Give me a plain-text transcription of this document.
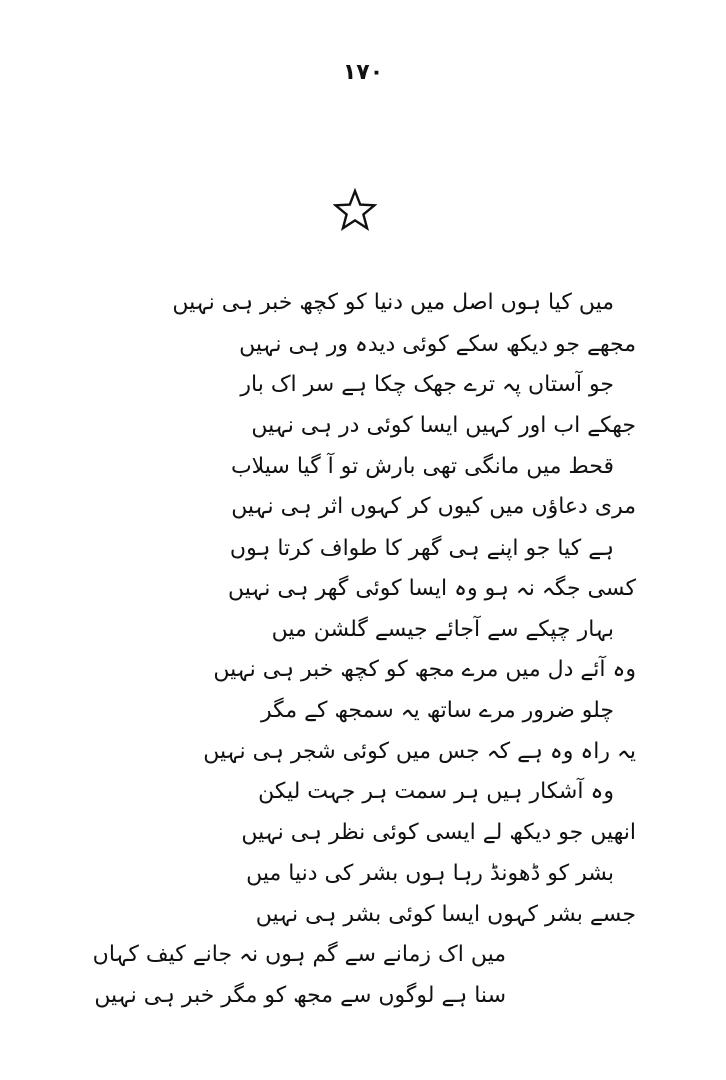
۱۷۰
میں کیا ہوں اصل میں دنیا کو کچھ خبر ہی نہیں
مجھے جو دیکھ سکے کوئی دیدہ ور ہی نہیں
جو آستاں پہ ترے جھک چکا ہے سر اک بار
جھکے اب اور کہیں ایسا کوئی در ہی نہیں
قحط میں مانگی تھی بارش تو آ گیا سیلاب
مری دعاؤں میں کیوں کر کہوں اثر ہی نہیں
ہے کیا جو اپنے ہی گھر کا طواف کرتا ہوں
کسی جگہ نہ ہو وہ ایسا کوئی گھر ہی نہیں
بہار چپکے سے آجائے جیسے گلشن میں
وہ آئے دل میں مرے مجھ کو کچھ خبر ہی نہیں
چلو ضرور مرے ساتھ یہ سمجھ کے مگر
یہ راہ وہ ہے کہ جس میں کوئی شجر ہی نہیں
وہ آشکار ہیں ہر سمت ہر جہت لیکن
انھیں جو دیکھ لے ایسی کوئی نظر ہی نہیں
بشر کو ڈھونڈ رہا ہوں بشر کی دنیا میں
جسے بشر کہوں ایسا کوئی بشر ہی نہیں
میں اک زمانے سے گم ہوں نہ جانے کیف کہاں
سنا ہے لوگوں سے مجھ کو مگر خبر ہی نہیں
